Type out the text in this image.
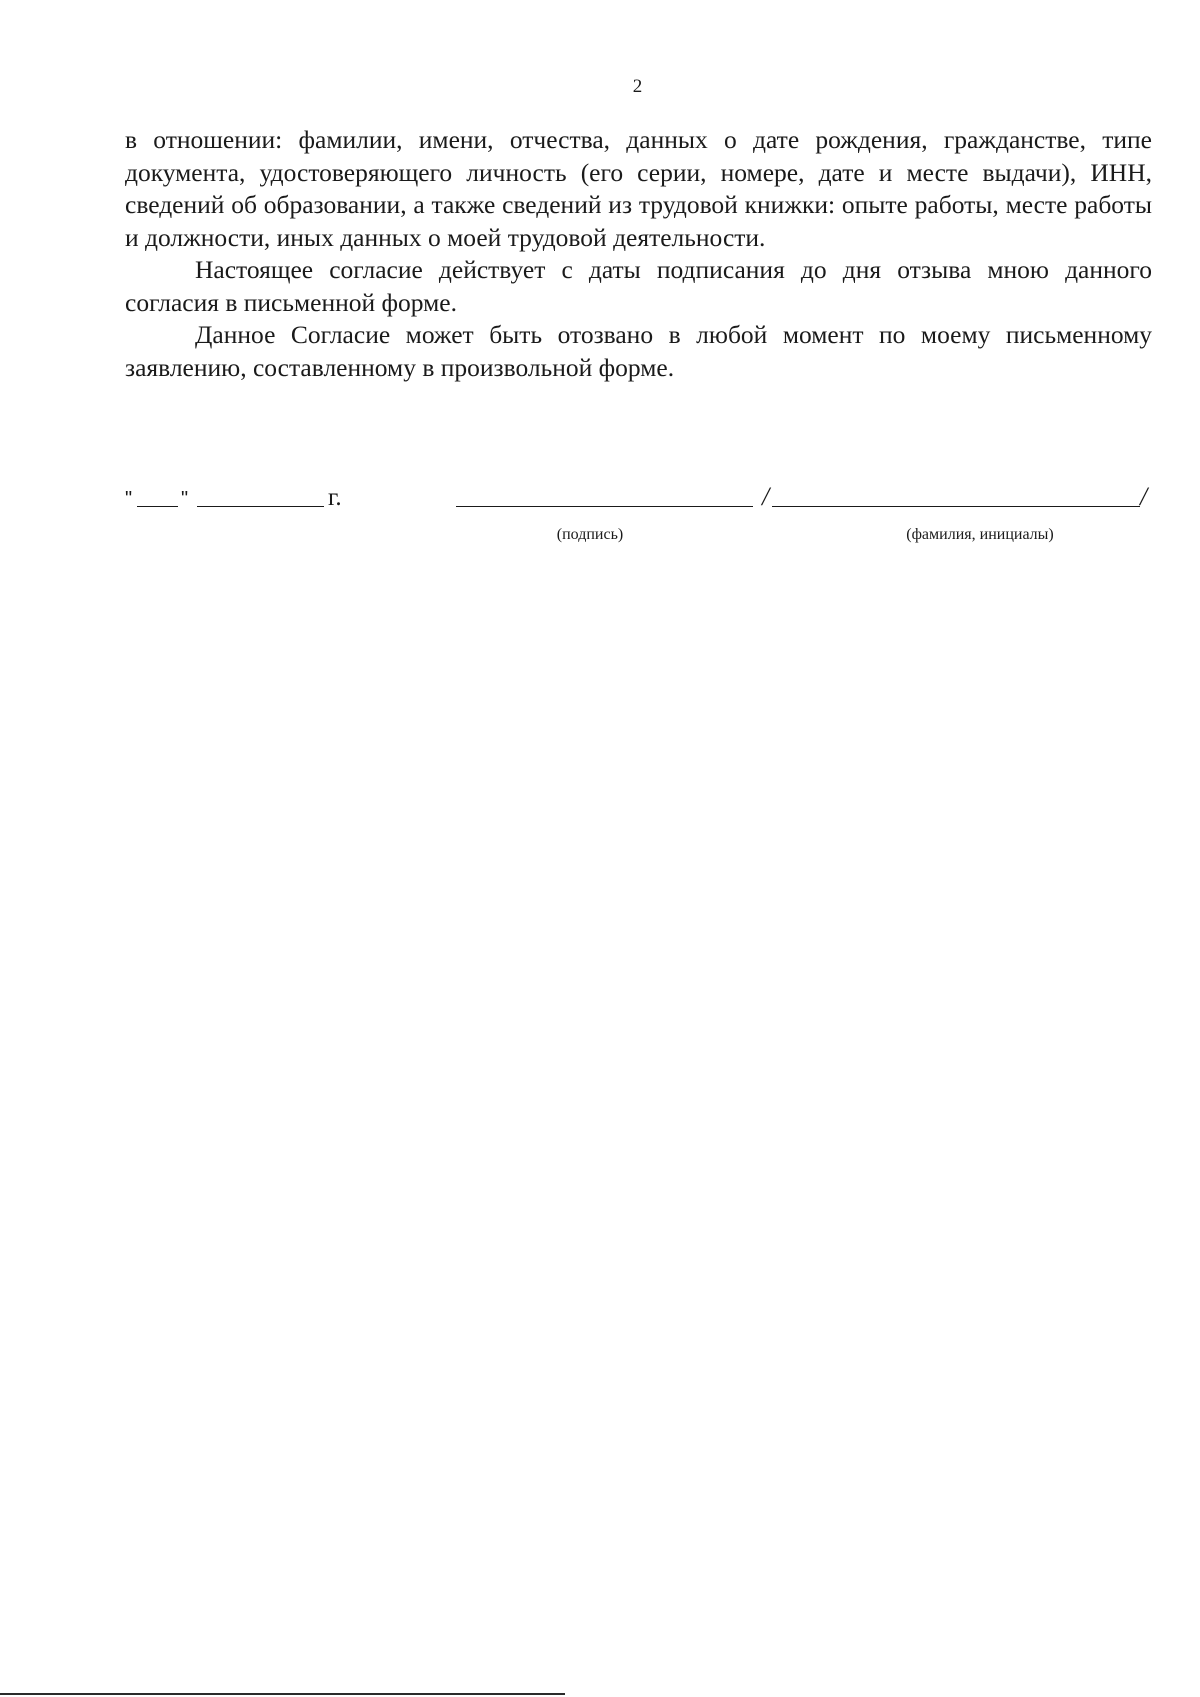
2

в отношении: фамилии, имени, отчества, данных о дате рождения, гражданстве, типе документа, удостоверяющего личность (его серии, номере, дате и месте выдачи), ИНН, сведений об образовании, а также сведений из трудовой книжки: опыте работы, месте работы и должности, иных данных о моей трудовой деятельности.

Настоящее согласие действует с даты подписания до дня отзыва мною данного согласия в письменной форме.

Данное Согласие может быть отозвано в любой момент по моему письменному заявлению, составленному в произвольной форме.

" "	г.	/	/
(подпись)	(фамилия, инициалы)
